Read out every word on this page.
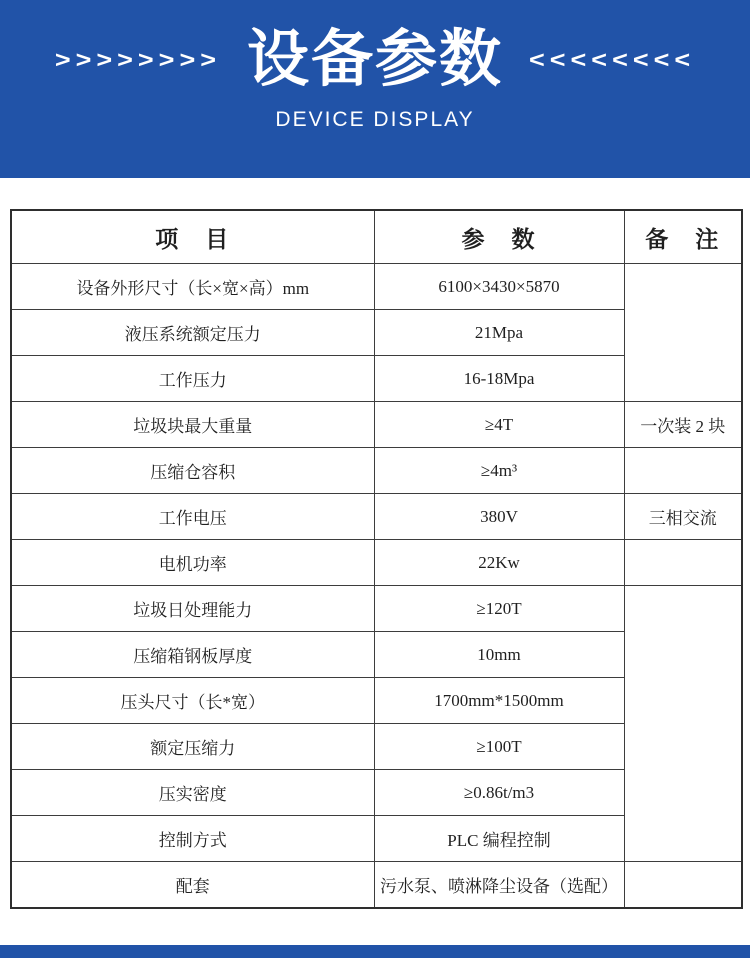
>>>>>>>> 设备参数 <<<<<<<<
DEVICE DISPLAY
项　目	参　数	备　注
设备外形尺寸（长×宽×高）mm	6100×3430×5870	
液压系统额定压力	21Mpa	
工作压力	16-18Mpa	
垃圾块最大重量	≥4T	一次装 2 块
压缩仓容积	≥4m³	
工作电压	380V	三相交流
电机功率	22Kw	
垃圾日处理能力	≥120T	
压缩箱钢板厚度	10mm	
压头尺寸（长*宽）	1700mm*1500mm	
额定压缩力	≥100T	
压实密度	≥0.86t/m3	
控制方式	PLC 编程控制	
配套	污水泵、喷淋降尘设备（选配）	
